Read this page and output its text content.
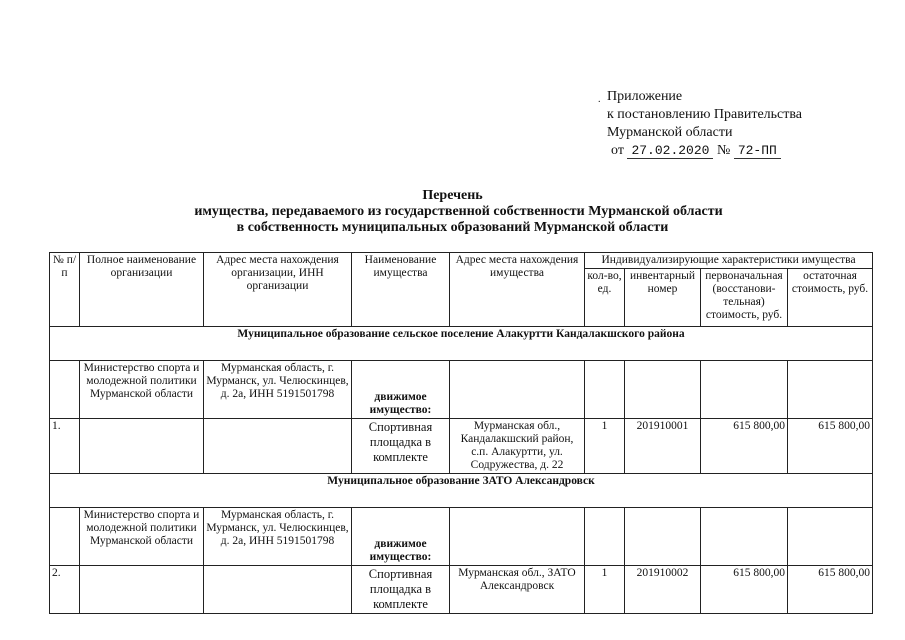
. Приложение
к постановлению Правительства
Мурманской области
от 27.02.2020 № 72-ПП
Перечень
имущества, передаваемого из государственной собственности Мурманской области
в собственность муниципальных образований Мурманской области
№ п/п	Полное наименование организации	Адрес места нахождения организации, ИНН организации	Наименование имущества	Адрес места нахождения имущества	Индивидуализирующие характеристики имущества			
					кол-во, ед.	инвентарный номер	первоначальная (восстанови-тельная) стоимость, руб.	остаточная стоимость, руб.
Муниципальное образование сельское поселение Алакуртти Кандалакшского района								
	Министерство спорта и молодежной политики Мурманской области	Мурманская область, г. Мурманск, ул. Челюскинцев, д. 2а, ИНН 5191501798	движимое имущество:					
1.			Спортивная площадка в комплекте	Мурманская обл., Кандалакшский район, с.п. Алакуртти, ул. Содружества, д. 22	1	201910001	615 800,00	615 800,00
Муниципальное образование ЗАТО Александровск								
	Министерство спорта и молодежной политики Мурманской области	Мурманская область, г. Мурманск, ул. Челюскинцев, д. 2а, ИНН 5191501798	движимое имущество:					
2.			Спортивная площадка в комплекте	Мурманская обл., ЗАТО Александровск	1	201910002	615 800,00	615 800,00
